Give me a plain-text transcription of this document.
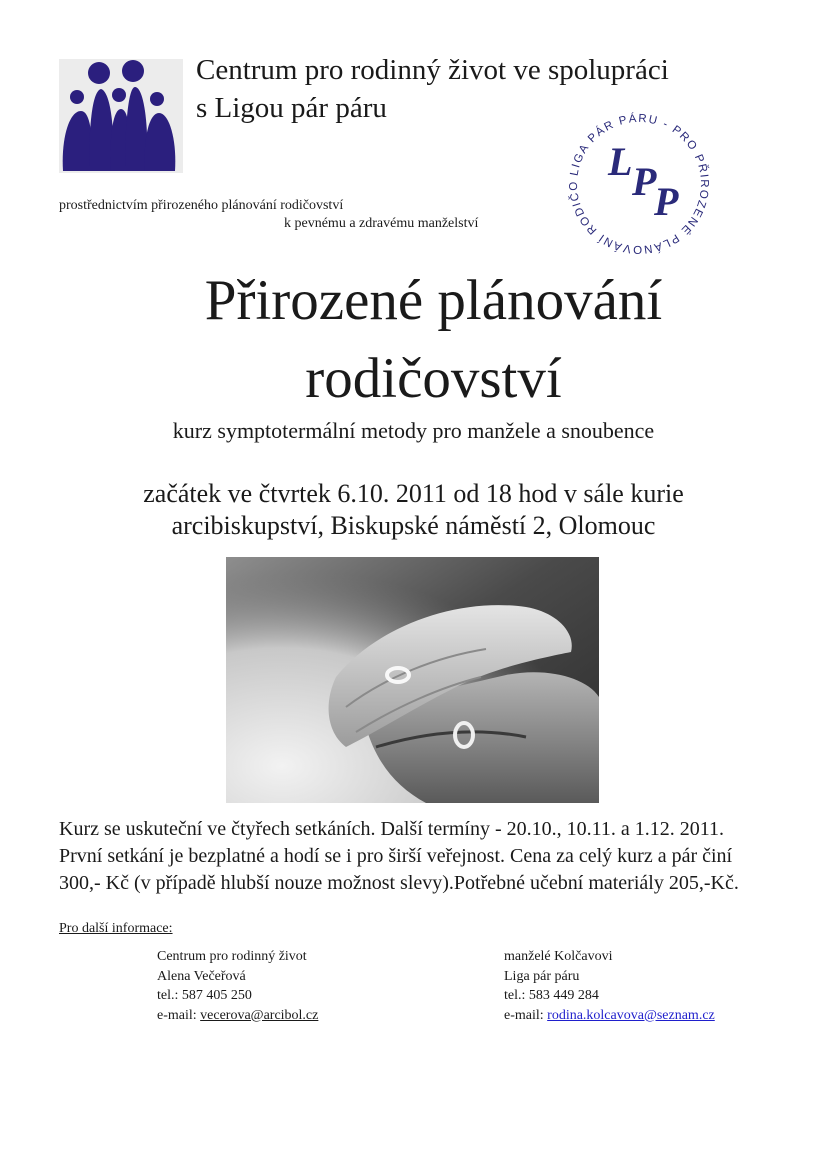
Centrum pro rodinný život ve spolupráci
s Ligou pár páru
LIGA PÁR PÁRU - PRO PŘIROZENÉ PLÁNOVÁNÍ RODIČO
L P
P
prostřednictvím přirozeného plánování rodičovství
k pevnému a zdravému manželství
Přirozené plánování
rodičovství
kurz symptotermální metody pro manžele a snoubence
začátek ve čtvrtek 6.10. 2011 od 18 hod v sále kurie
arcibiskupství, Biskupské náměstí 2, Olomouc
Kurz se uskuteční ve čtyřech setkáních. Další termíny - 20.10., 10.11. a 1.12. 2011.
První setkání je bezplatné a hodí se i pro širší veřejnost. Cena za celý kurz a pár činí
300,- Kč (v případě hlubší nouze možnost slevy).Potřebné učební materiály 205,-Kč.
Pro další informace:
Centrum pro rodinný život
Alena Večeřová
tel.: 587 405 250
e-mail: vecerova@arcibol.cz
manželé Kolčavovi
Liga pár páru
tel.: 583 449 284
e-mail: rodina.kolcavova@seznam.cz
